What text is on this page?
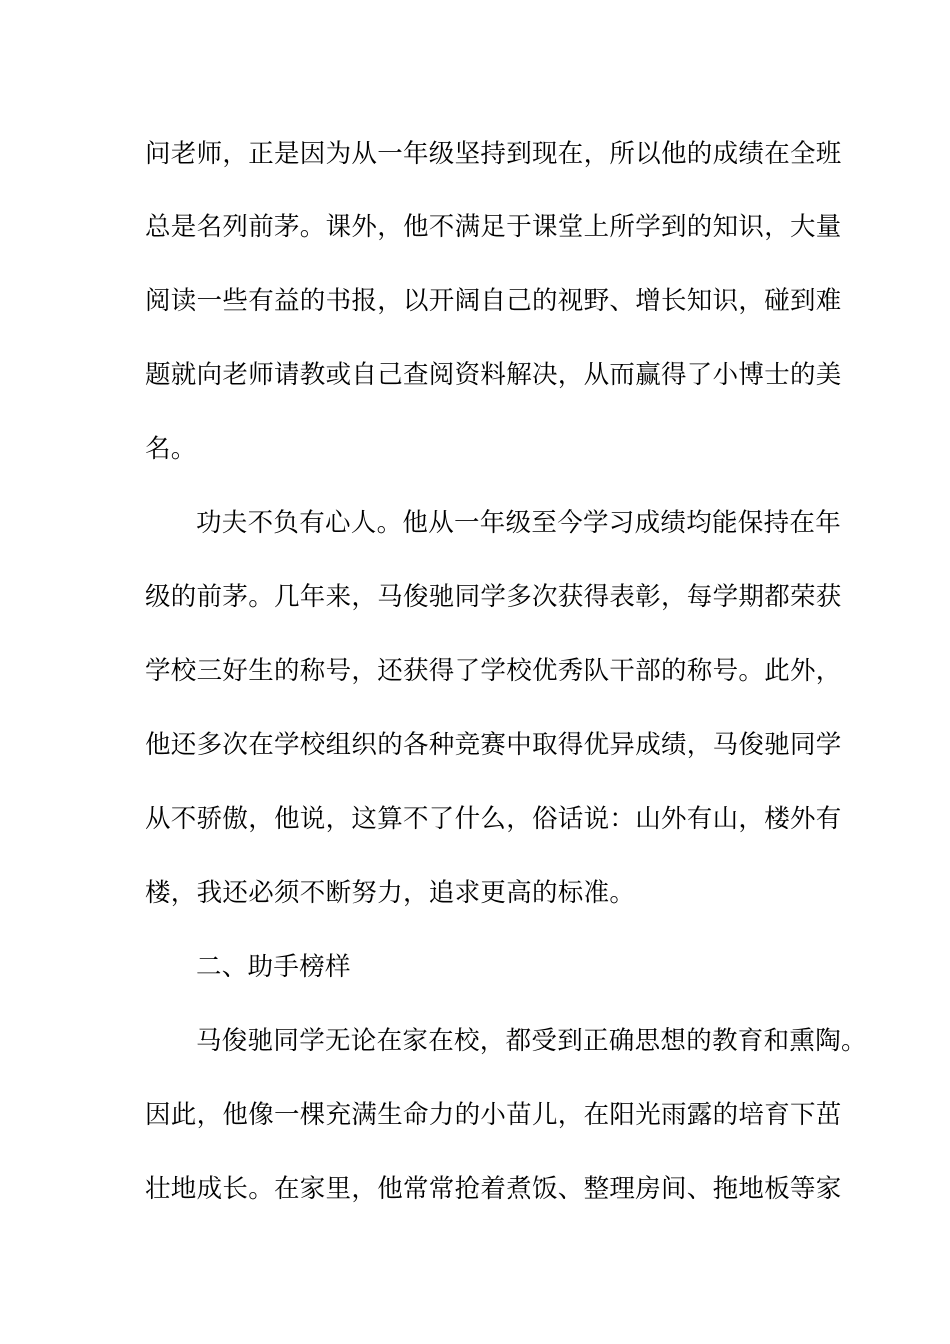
问老师，正是因为从一年级坚持到现在，所以他的成绩在全班
总是名列前茅。课外，他不满足于课堂上所学到的知识，大量
阅读一些有益的书报，以开阔自己的视野、增长知识，碰到难
题就向老师请教或自己查阅资料解决，从而赢得了小博士的美
名。
功夫不负有心人。他从一年级至今学习成绩均能保持在年
级的前茅。几年来，马俊驰同学多次获得表彰，每学期都荣获
学校三好生的称号，还获得了学校优秀队干部的称号。此外，
他还多次在学校组织的各种竞赛中取得优异成绩，马俊驰同学
从不骄傲，他说，这算不了什么，俗话说：山外有山，楼外有
楼，我还必须不断努力，追求更高的标准。
二、助手榜样
马俊驰同学无论在家在校，都受到正确思想的教育和熏陶。
因此，他像一棵充满生命力的小苗儿，在阳光雨露的培育下茁
壮地成长。在家里，他常常抢着煮饭、整理房间、拖地板等家
